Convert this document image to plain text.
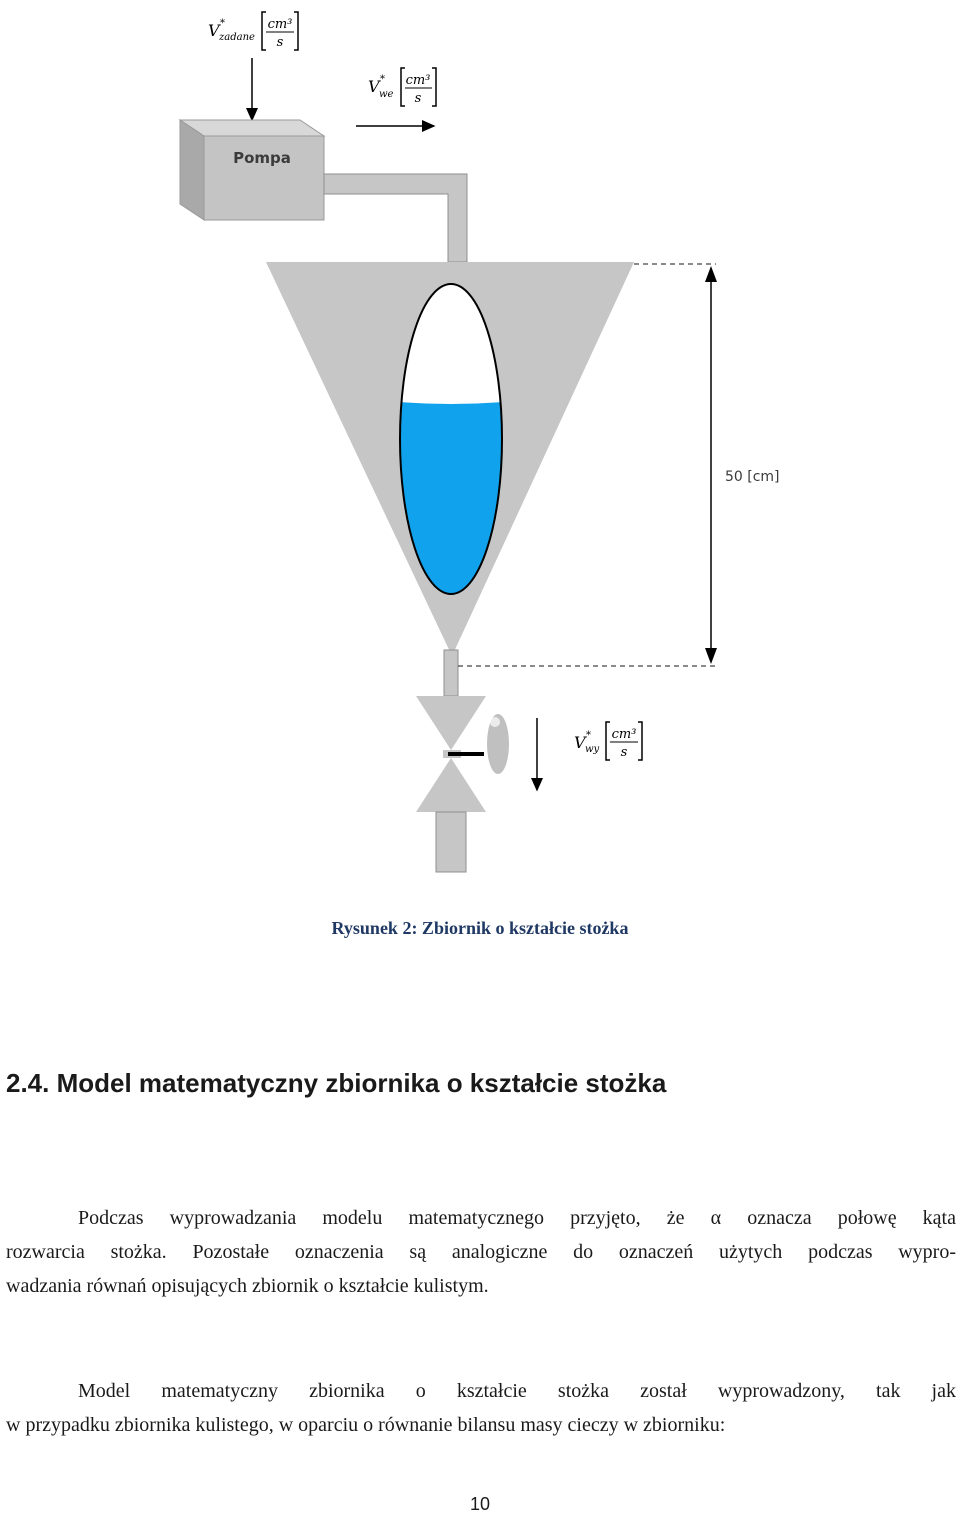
V *
zadane
cm³
s
V *
we
cm³
s
Pompa
V *
wy
cm³
s
50 [cm]
Rysunek 2: Zbiornik o kształcie stożka
2.4. Model matematyczny zbiornika o kształcie stożka
Podczas wyprowadzania modelu matematycznego przyjęto, że α oznacza połowę kąta
rozwarcia stożka. Pozostałe oznaczenia są analogiczne do oznaczeń użytych podczas wypro-
wadzania równań opisujących zbiornik o kształcie kulistym.
Model matematyczny zbiornika o kształcie stożka został wyprowadzony, tak jak
w przypadku zbiornika kulistego, w oparciu o równanie bilansu masy cieczy w zbiorniku:
10
